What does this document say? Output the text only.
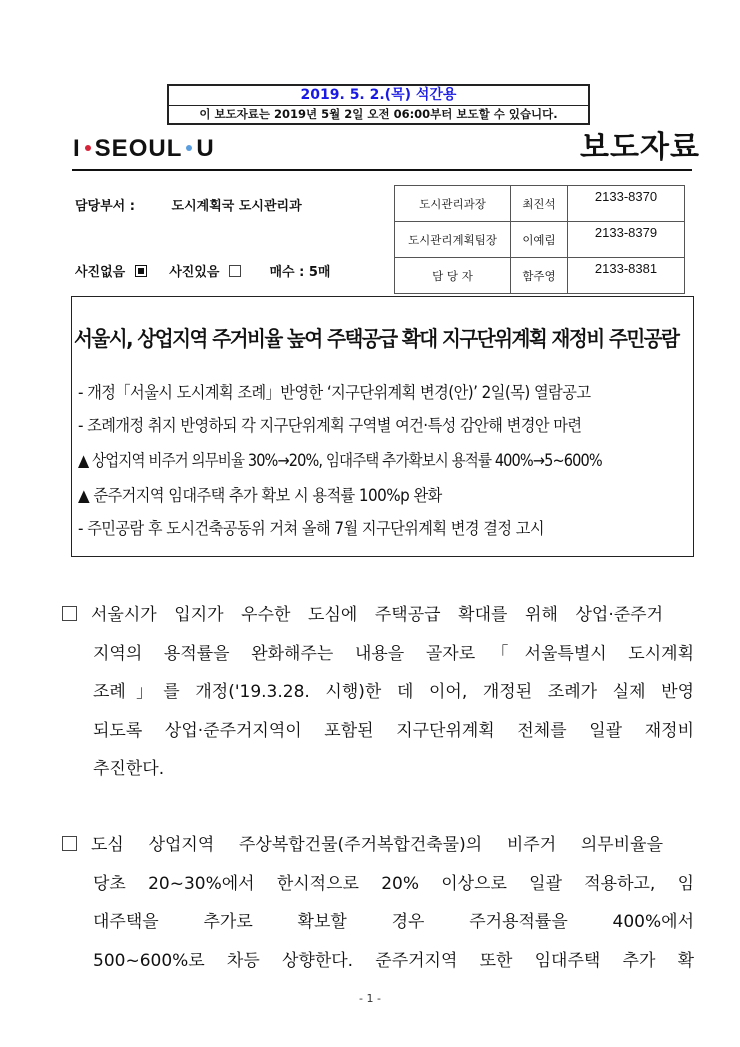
2019. 5. 2.(목) 석간용
이 보도자료는 2019년 5월 2일 오전 06:00부터 보도할 수 있습니다.
I SEOUL U	보도자료
담당부서 :	도시계획국 도시관리과
사진없음	사진있음	매수 : 5매
도시관리과장	최진석	2133-8370
도시관리계획팀장	이예림	2133-8379
담 당 자	함주영	2133-8381
서울시, 상업지역 주거비율 높여 주택공급 확대 지구단위계획 재정비 주민공람
- 개정「서울시 도시계획 조례」반영한 ‘지구단위계획 변경(안)’ 2일(목) 열람공고
- 조례개정 취지 반영하되 각 지구단위계획 구역별 여건·특성 감안해 변경안 마련
▲ 상업지역 비주거 의무비율 30%→20%, 임대주택 추가확보시 용적률 400%→5~600%
▲ 준주거지역 임대주택 추가 확보 시 용적률 100%p 완화
- 주민공람 후 도시건축공동위 거쳐 올해 7월 지구단위계획 변경 결정 고시
서울시가 입지가 우수한 도심에 주택공급 확대를 위해 상업·준주거
지역의 용적률을 완화해주는 내용을 골자로「서울특별시 도시계획
조례」를 개정('19.3.28. 시행)한 데 이어, 개정된 조례가 실제 반영
되도록 상업·준주거지역이 포함된 지구단위계획 전체를 일괄 재정비
추진한다.
도심 상업지역 주상복합건물(주거복합건축물)의 비주거 의무비율을
당초 20~30%에서 한시적으로 20% 이상으로 일괄 적용하고, 임
대주택을 추가로 확보할 경우 주거용적률을 400%에서
500~600%로 차등 상향한다. 준주거지역 또한 임대주택 추가 확
- 1 -
